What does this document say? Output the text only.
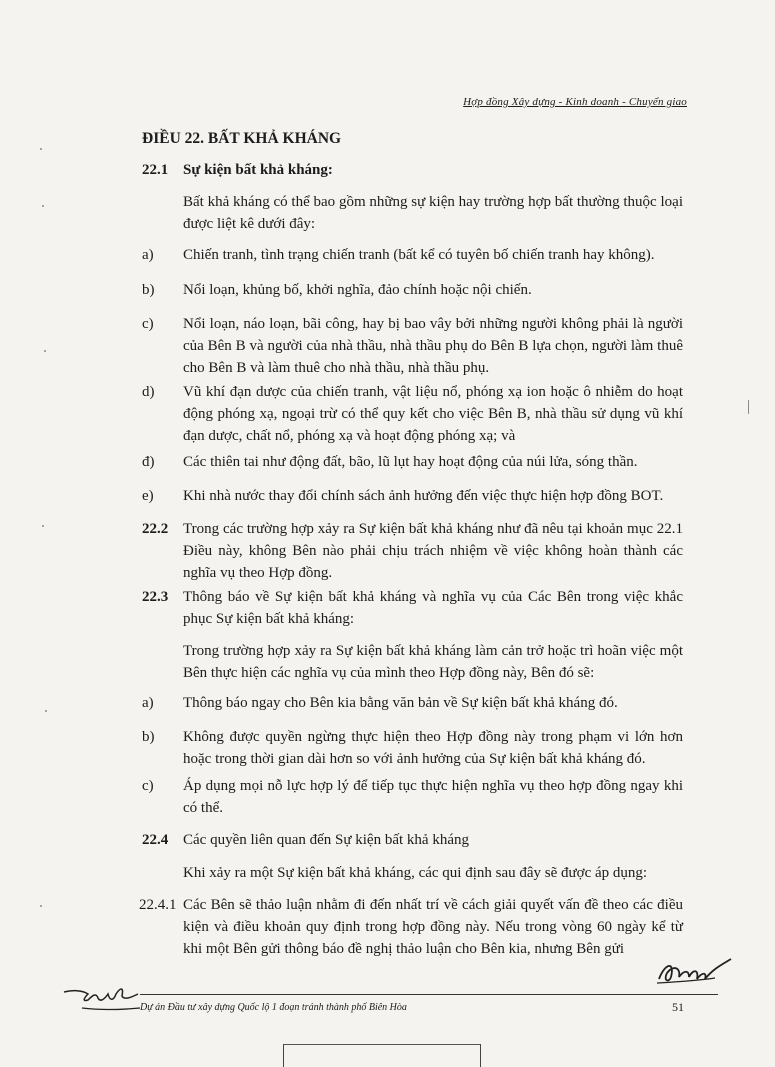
Hợp đồng Xây dựng - Kinh doanh - Chuyển giao
ĐIỀU 22. BẤT KHẢ KHÁNG
22.1 Sự kiện bất khả kháng:
Bất khả kháng có thể bao gồm những sự kiện hay trường hợp bất thường thuộc loại được liệt kê dưới đây:
a) Chiến tranh, tình trạng chiến tranh (bất kể có tuyên bố chiến tranh hay không).
b) Nổi loạn, khủng bố, khởi nghĩa, đảo chính hoặc nội chiến.
c) Nổi loạn, náo loạn, bãi công, hay bị bao vây bởi những người không phải là người của Bên B và người của nhà thầu, nhà thầu phụ do Bên B lựa chọn, người làm thuê cho Bên B và làm thuê cho nhà thầu, nhà thầu phụ.
d) Vũ khí đạn dược của chiến tranh, vật liệu nổ, phóng xạ ion hoặc ô nhiễm do hoạt động phóng xạ, ngoại trừ có thể quy kết cho việc Bên B, nhà thầu sử dụng vũ khí đạn dược, chất nổ, phóng xạ và hoạt động phóng xạ; và
đ) Các thiên tai như động đất, bão, lũ lụt hay hoạt động của núi lửa, sóng thần.
e) Khi nhà nước thay đổi chính sách ảnh hưởng đến việc thực hiện hợp đồng BOT.
22.2 Trong các trường hợp xảy ra Sự kiện bất khả kháng như đã nêu tại khoản mục 22.1 Điều này, không Bên nào phải chịu trách nhiệm về việc không hoàn thành các nghĩa vụ theo Hợp đồng.
22.3 Thông báo về Sự kiện bất khả kháng và nghĩa vụ của Các Bên trong việc khắc phục Sự kiện bất khả kháng:
Trong trường hợp xảy ra Sự kiện bất khả kháng làm cản trở hoặc trì hoãn việc một Bên thực hiện các nghĩa vụ của mình theo Hợp đồng này, Bên đó sẽ:
a) Thông báo ngay cho Bên kia bằng văn bản về Sự kiện bất khả kháng đó.
b) Không được quyền ngừng thực hiện theo Hợp đồng này trong phạm vi lớn hơn hoặc trong thời gian dài hơn so với ảnh hưởng của Sự kiện bất khả kháng đó.
c) Áp dụng mọi nỗ lực hợp lý để tiếp tục thực hiện nghĩa vụ theo hợp đồng ngay khi có thể.
22.4 Các quyền liên quan đến Sự kiện bất khả kháng
Khi xảy ra một Sự kiện bất khả kháng, các qui định sau đây sẽ được áp dụng:
22.4.1 Các Bên sẽ thảo luận nhằm đi đến nhất trí về cách giải quyết vấn đề theo các điều kiện và điều khoản quy định trong hợp đồng này. Nếu trong vòng 60 ngày kể từ khi một Bên gửi thông báo đề nghị thảo luận cho Bên kia, nhưng Bên gửi
Dự án Đầu tư xây dựng Quốc lộ 1 đoạn tránh thành phố Biên Hòa	51
